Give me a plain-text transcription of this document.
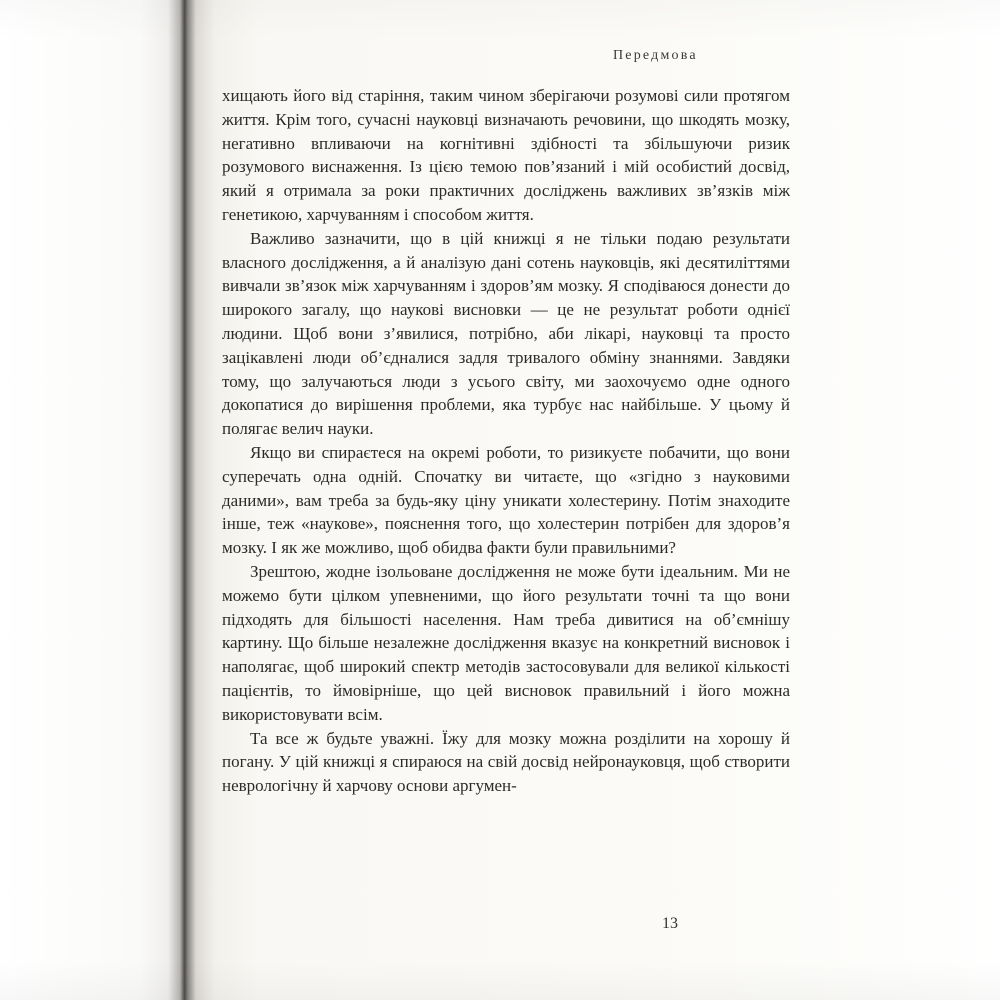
Передмова

хищають його від старіння, таким чином зберігаючи розумові сили протягом життя. Крім того, сучасні науковці визначають речовини, що шкодять мозку, негативно впливаючи на когнітивні здібності та збільшуючи ризик розумового виснаження. Із цією темою пов’язаний і мій особистий досвід, який я отримала за роки практичних досліджень важливих зв’язків між генетикою, харчуванням і способом життя.

Важливо зазначити, що в цій книжці я не тільки подаю результати власного дослідження, а й аналізую дані сотень науковців, які десятиліттями вивчали зв’язок між харчуванням і здоров’ям мозку. Я сподіваюся донести до широкого загалу, що наукові висновки — це не результат роботи однієї людини. Щоб вони з’явилися, потрібно, аби лікарі, науковці та просто зацікавлені люди об’єдналися задля тривалого обміну знаннями. Завдяки тому, що залучаються люди з усього світу, ми заохочуємо одне одного докопатися до вирішення проблеми, яка турбує нас найбільше. У цьому й полягає велич науки.

Якщо ви спираєтеся на окремі роботи, то ризикуєте побачити, що вони суперечать одна одній. Спочатку ви читаєте, що «згідно з науковими даними», вам треба за будь-яку ціну уникати холестерину. Потім знаходите інше, теж «наукове», пояснення того, що холестерин потрібен для здоров’я мозку. І як же можливо, щоб обидва факти були правильними?

Зрештою, жодне ізольоване дослідження не може бути ідеальним. Ми не можемо бути цілком упевненими, що його результати точні та що вони підходять для більшості населення. Нам треба дивитися на об’ємнішу картину. Що більше незалежне дослідження вказує на конкретний висновок і наполягає, щоб широкий спектр методів застосовували для великої кількості пацієнтів, то ймовірніше, що цей висновок правильний і його можна використовувати всім.

Та все ж будьте уважні. Їжу для мозку можна розділити на хорошу й погану. У цій книжці я спираюся на свій досвід нейронауковця, щоб створити неврологічну й харчову основи аргумен-

13
